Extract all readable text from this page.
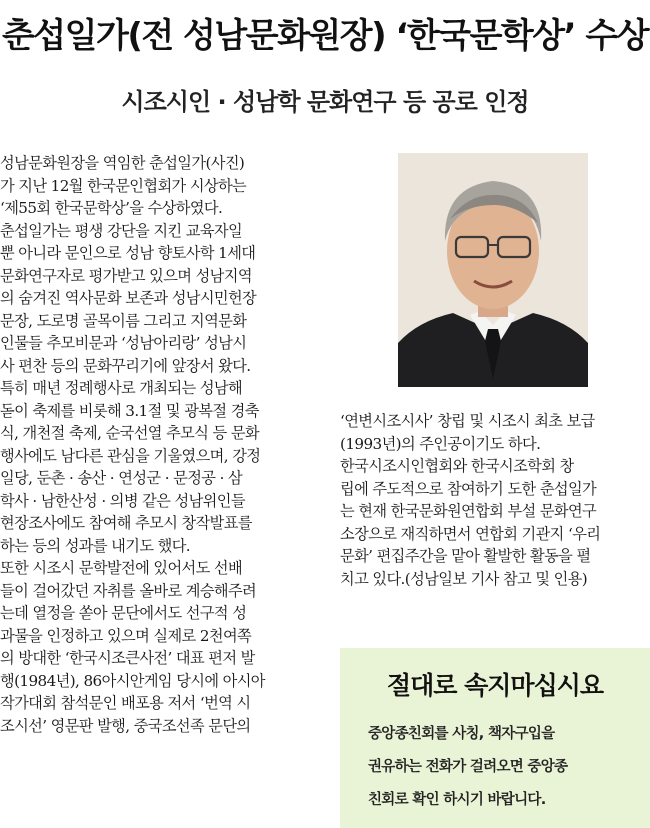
춘섭일가(전 성남문화원장) ‘한국문학상’ 수상
시조시인 · 성남학 문화연구 등 공로 인정
성남문화원장을 역임한 춘섭일가(사진)
가 지난 12월 한국문인협회가 시상하는
‘제55회 한국문학상’을 수상하였다.
춘섭일가는 평생 강단을 지킨 교육자일
뿐 아니라 문인으로 성남 향토사학 1세대
문화연구자로 평가받고 있으며 성남지역
의 숨겨진 역사문화 보존과 성남시민헌장
문장, 도로명 골목이름 그리고 지역문화
인물들 추모비문과 ‘성남아리랑’ 성남시
사 편찬 등의 문화꾸리기에 앞장서 왔다.
특히 매년 정례행사로 개최되는 성남해
돋이 축제를 비롯해 3.1절 및 광복절 경축
식, 개천절 축제, 순국선열 추모식 등 문화
행사에도 남다른 관심을 기울였으며, 강정
일당, 둔촌 · 송산 · 연성군 · 문정공 · 삼
학사 · 남한산성 · 의병 같은 성남위인들
현장조사에도 참여해 추모시 창작발표를
하는 등의 성과를 내기도 했다.
또한 시조시 문학발전에 있어서도 선배
들이 걸어갔던 자취를 올바로 계승해주려
는데 열정을 쏟아 문단에서도 선구적 성
과물을 인정하고 있으며 실제로 2천여쪽
의 방대한 ‘한국시조큰사전’ 대표 편저 발
행(1984년), 86아시안게임 당시에 아시아
작가대회 참석문인 배포용 저서 ‘번역 시
조시선’ 영문판 발행, 중국조선족 문단의
‘연변시조시사’ 창립 및 시조시 최초 보급
(1993년)의 주인공이기도 하다.
한국시조시인협회와 한국시조학회 창
립에 주도적으로 참여하기 도한 춘섭일가
는 현재 한국문화원연합회 부설 문화연구
소장으로 재직하면서 연합회 기관지 ‘우리
문화’ 편집주간을 맡아 활발한 활동을 펼
치고 있다.(성남일보 기사 참고 및 인용)
절대로 속지마십시요
중앙종친회를 사칭, 책자구입을
권유하는 전화가 걸려오면 중앙종
친회로 확인 하시기 바랍니다.
